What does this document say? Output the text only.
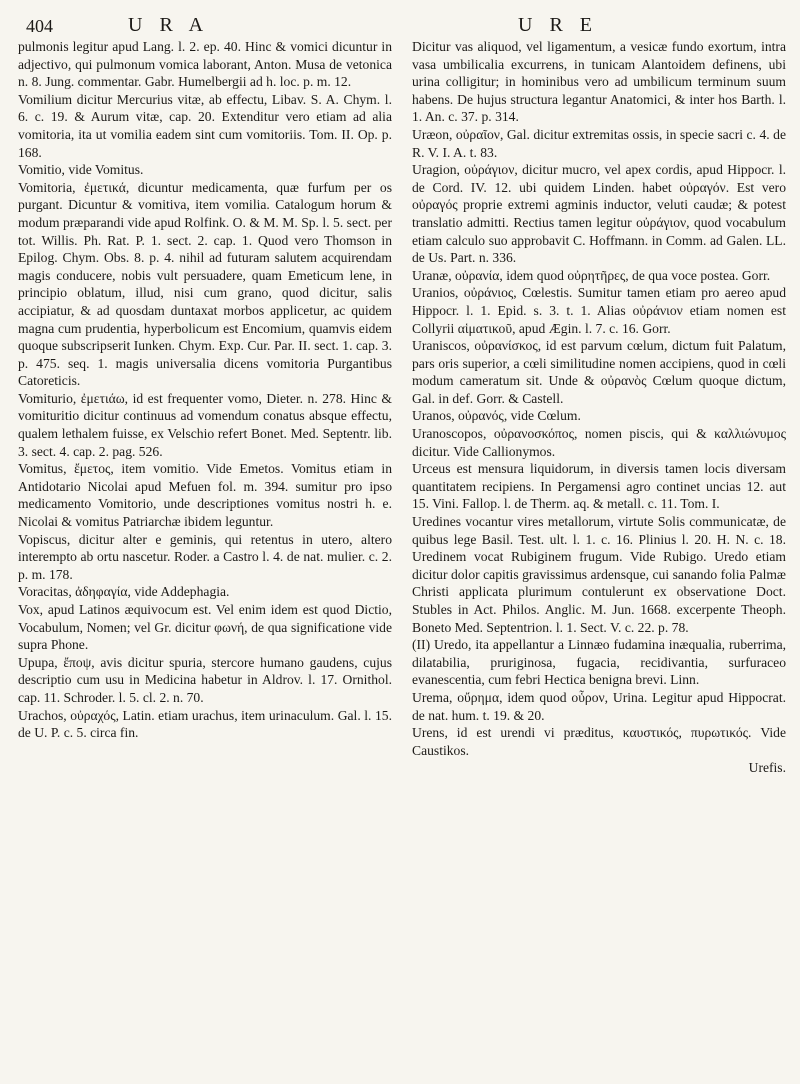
404	U R A	U R E

pulmonis legitur apud Lang. l. 2. ep. 40. Hinc & vomici dicuntur in adjectivo, qui pulmonum vomica laborant, Anton. Musa de vetonica n. 8. Jung. commentar. Gabr. Humelbergii ad h. loc. p. m. 12.

Vomilium dicitur Mercurius vitæ, ab effectu, Libav. S. A. Chym. l. 6. c. 19. & Aurum vitæ, cap. 20. Extenditur vero etiam ad alia vomitoria, ita ut vomilia eadem sint cum vomitoriis. Tom. II. Op. p. 168.

Vomitio, vide Vomitus.

Vomitoria, ἐμετικά, dicuntur medicamenta, quæ furfum per os purgant. Dicuntur & vomitiva, item vomilia. Catalogum horum & modum præparandi vide apud Rolfink. O. & M. M. Sp. l. 5. sect. per tot. Willis. Ph. Rat. P. 1. sect. 2. cap. 1. Quod vero Thomson in Epilog. Chym. Obs. 8. p. 4. nihil ad futuram salutem acquirendam magis conducere, nobis vult persuadere, quam Emeticum lene, in principio oblatum, illud, nisi cum grano, quod dicitur, salis accipiatur, & ad quosdam duntaxat morbos applicetur, ac quidem magna cum prudentia, hyperbolicum est Encomium, quamvis eidem quoque subscripserit Iunken. Chym. Exp. Cur. Par. II. sect. 1. cap. 3. p. 475. seq. 1. magis universalia dicens vomitoria Purgantibus Catoreticis.

Vomiturio, ἐμετιάω, id est frequenter vomo, Dieter. n. 278. Hinc & vomituritio dicitur continuus ad vomendum conatus absque effectu, qualem lethalem fuisse, ex Velschio refert Bonet. Med. Septentr. lib. 3. sect. 4. cap. 2. pag. 526.

Vomitus, ἔμετος, item vomitio. Vide Emetos. Vomitus etiam in Antidotario Nicolai apud Mefuen fol. m. 394. sumitur pro ipso medicamento Vomitorio, unde descriptiones vomitus nostri h. e. Nicolai & vomitus Patriarchæ ibidem leguntur.

Vopiscus, dicitur alter e geminis, qui retentus in utero, altero interempto ab ortu nascetur. Roder. a Castro l. 4. de nat. mulier. c. 2. p. m. 178.

Voracitas, ἀδηφαγία, vide Addephagia.

Vox, apud Latinos æquivocum est. Vel enim idem est quod Dictio, Vocabulum, Nomen; vel Gr. dicitur φωνή, de qua significatione vide supra Phone.

Upupa, ἔποψ, avis dicitur spuria, stercore humano gaudens, cujus descriptio cum usu in Medicina habetur in Aldrov. l. 17. Ornithol. cap. 11. Schroder. l. 5. cl. 2. n. 70.

Urachos, οὐραχός, Latin. etiam urachus, item urinaculum. Gal. l. 15. de U. P. c. 5. circa fin.

Dicitur vas aliquod, vel ligamentum, a vesicæ fundo exortum, intra vasa umbilicalia excurrens, in tunicam Alantoidem definens, ubi urina colligitur; in hominibus vero ad umbilicum terminum suum habens. De hujus structura legantur Anatomici, & inter hos Barth. l. 1. An. c. 37. p. 314.

Uræon, οὐραῖον, Gal. dicitur extremitas ossis, in specie sacri c. 4. de R. V. I. A. t. 83.

Uragion, οὐράγιον, dicitur mucro, vel apex cordis, apud Hippocr. l. de Cord. IV. 12. ubi quidem Linden. habet οὐραγόν. Est vero οὐραγός proprie extremi agminis inductor, veluti caudæ; & potest translatio admitti. Rectius tamen legitur οὐράγιον, quod vocabulum etiam calculo suo approbavit C. Hoffmann. in Comm. ad Galen. LL. de Us. Part. n. 336.

Uranæ, οὐρανία, idem quod οὐρητῆρες, de qua voce postea. Gorr.

Uranios, οὐράνιος, Cœlestis. Sumitur tamen etiam pro aereo apud Hippocr. l. 1. Epid. s. 3. t. 1. Alias οὐράνιον etiam nomen est Collyrii αἱματικοῦ, apud Ægin. l. 7. c. 16. Gorr.

Uraniscos, οὐρανίσκος, id est parvum cœlum, dictum fuit Palatum, pars oris superior, a cœli similitudine nomen accipiens, quod in cœli modum cameratum sit. Unde & οὐρανὸς Cœlum quoque dictum, Gal. in def. Gorr. & Castell.

Uranos, οὐρανός, vide Cœlum.

Uranoscopos, οὐρανοσκόπος, nomen piscis, qui & καλλιώνυμος dicitur. Vide Callionymos.

Urceus est mensura liquidorum, in diversis tamen locis diversam quantitatem recipiens. In Pergamensi agro continet uncias 12. aut 15. Vini. Fallop. l. de Therm. aq. & metall. c. 11. Tom. I.

Uredines vocantur vires metallorum, virtute Solis communicatæ, de quibus lege Basil. Test. ult. l. 1. c. 16. Plinius l. 20. H. N. c. 18. Uredinem vocat Rubiginem frugum. Vide Rubigo. Uredo etiam dicitur dolor capitis gravissimus ardensque, cui sanando folia Palmæ Christi applicata plurimum contulerunt ex observatione Doct. Stubles in Act. Philos. Anglic. M. Jun. 1668. excerpente Theoph. Boneto Med. Septentrion. l. 1. Sect. V. c. 22. p. 78.

(II) Uredo, ita appellantur a Linnæo fudamina inæqualia, ruberrima, dilatabilia, pruriginosa, fugacia, recidivantia, surfuraceo evanescentia, cum febri Hectica benigna brevi. Linn.

Urema, οὔρημα, idem quod οὖρον, Urina. Legitur apud Hippocrat. de nat. hum. t. 19. & 20.

Urens, id est urendi vi præditus, καυστικός, πυρωτικός. Vide Caustikos.

Urefis.
